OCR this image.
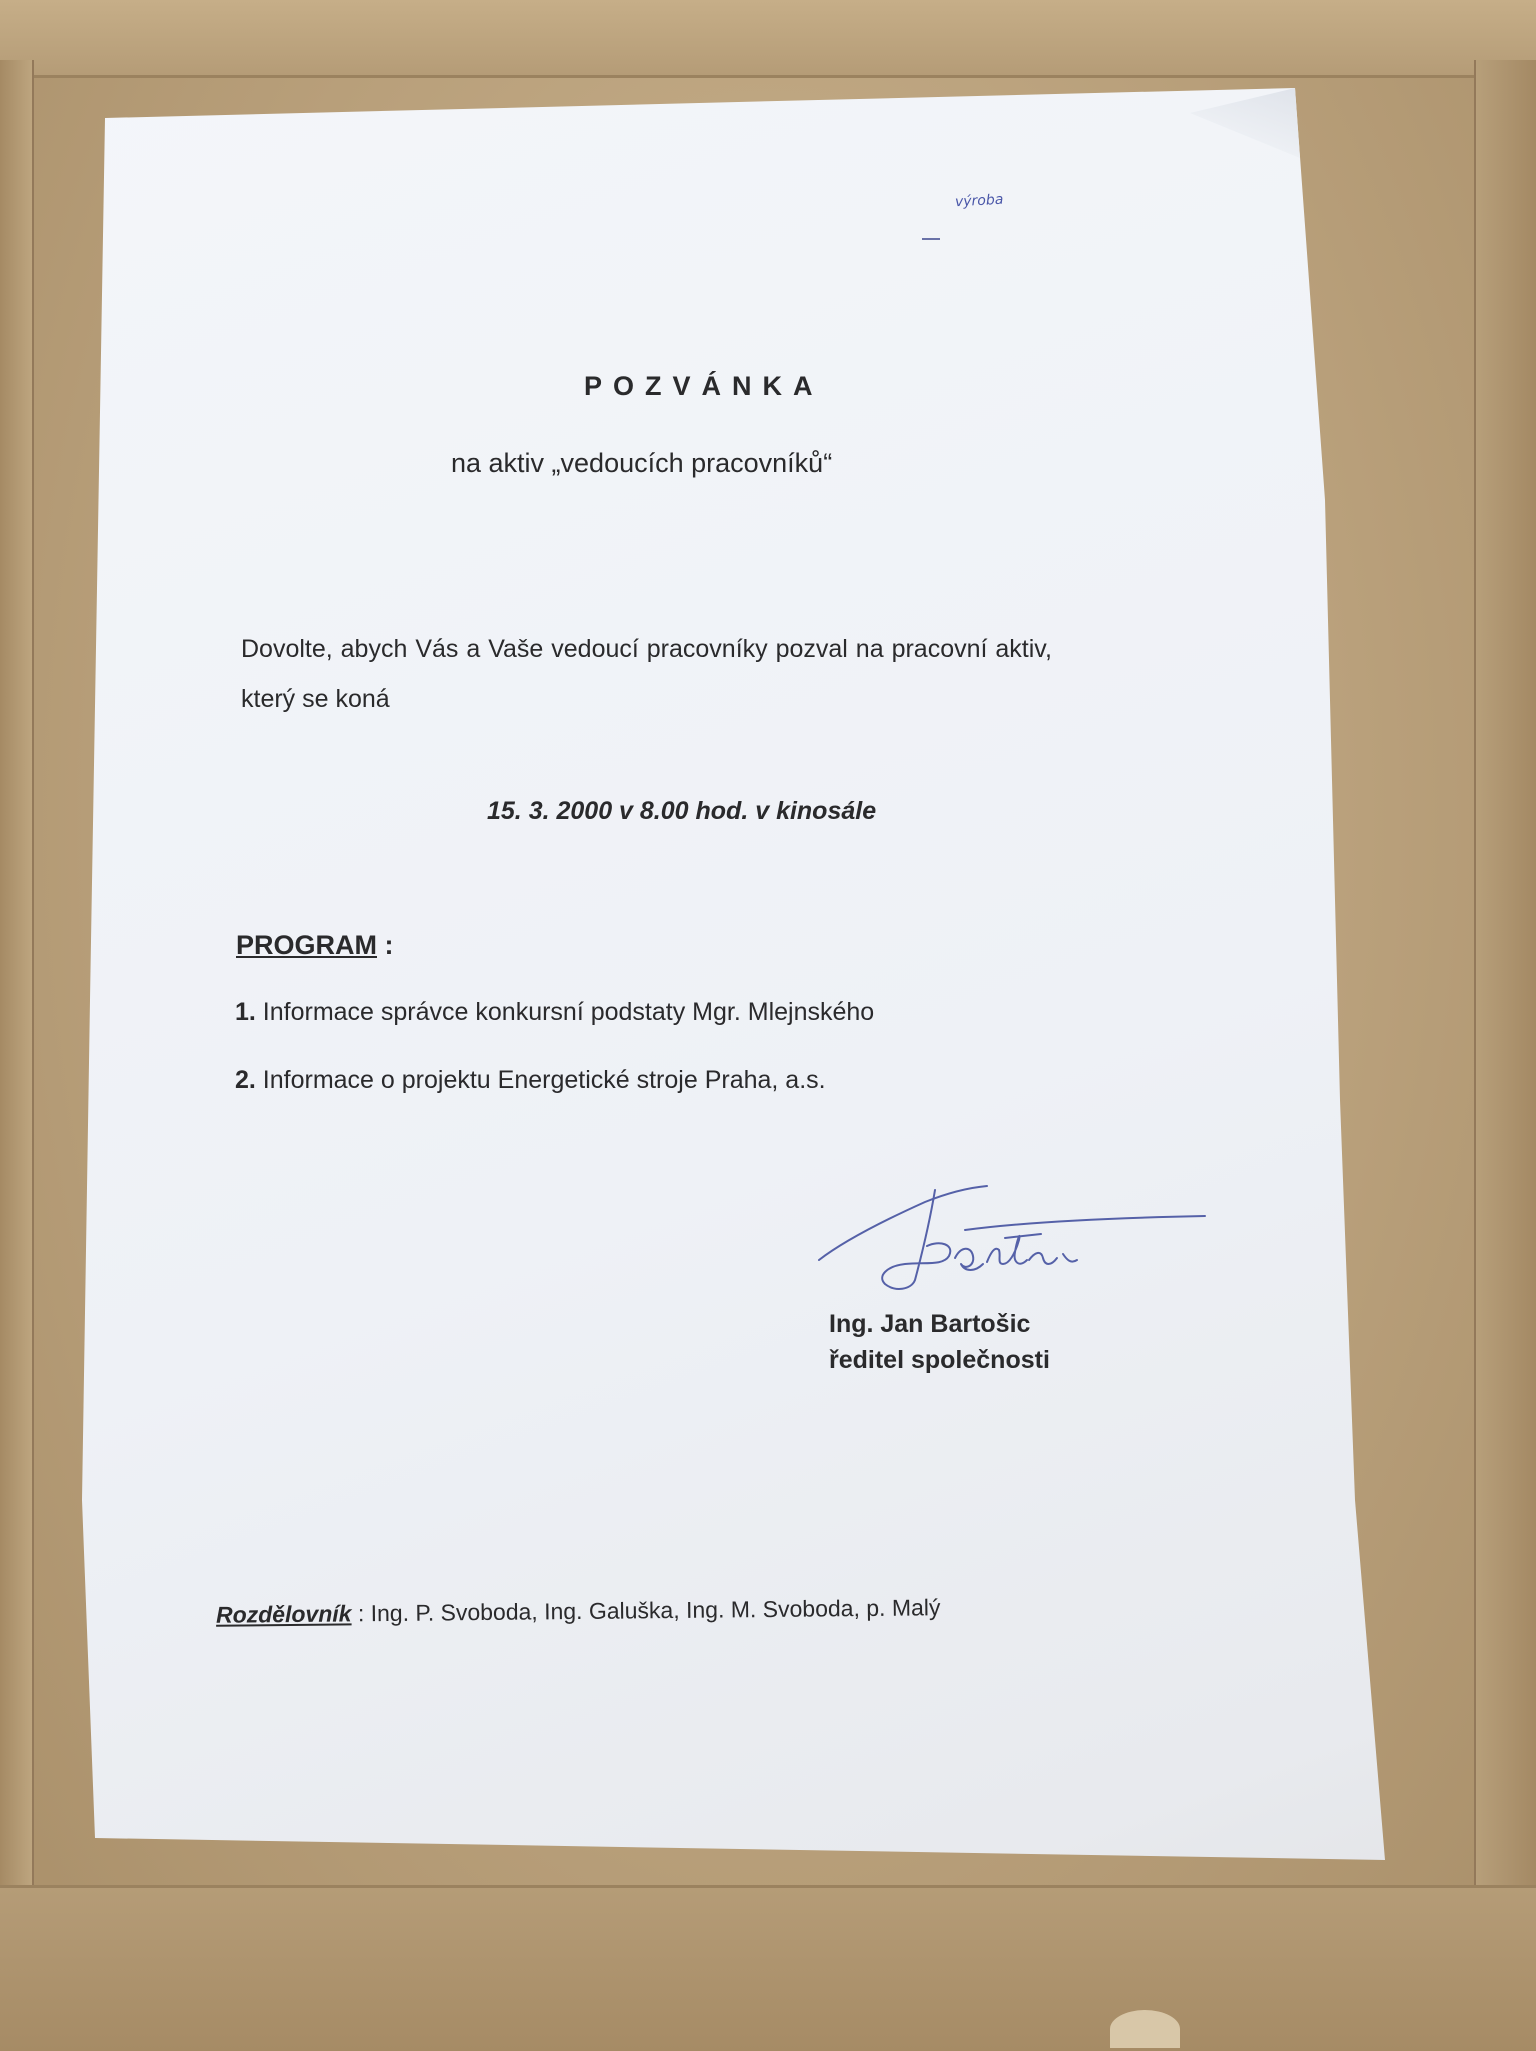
výroba
POZVÁNKA
na aktiv „vedoucích pracovníků“
Dovolte, abych Vás a Vaše vedoucí pracovníky pozval na pracovní aktiv,
který se koná
15. 3. 2000 v 8.00 hod. v kinosále
PROGRAM :
1. Informace správce konkursní podstaty Mgr. Mlejnského
2. Informace o projektu Energetické stroje Praha, a.s.
Ing. Jan Bartošic
ředitel společnosti
Rozdělovník : Ing. P. Svoboda, Ing. Galuška, Ing. M. Svoboda, p. Malý
